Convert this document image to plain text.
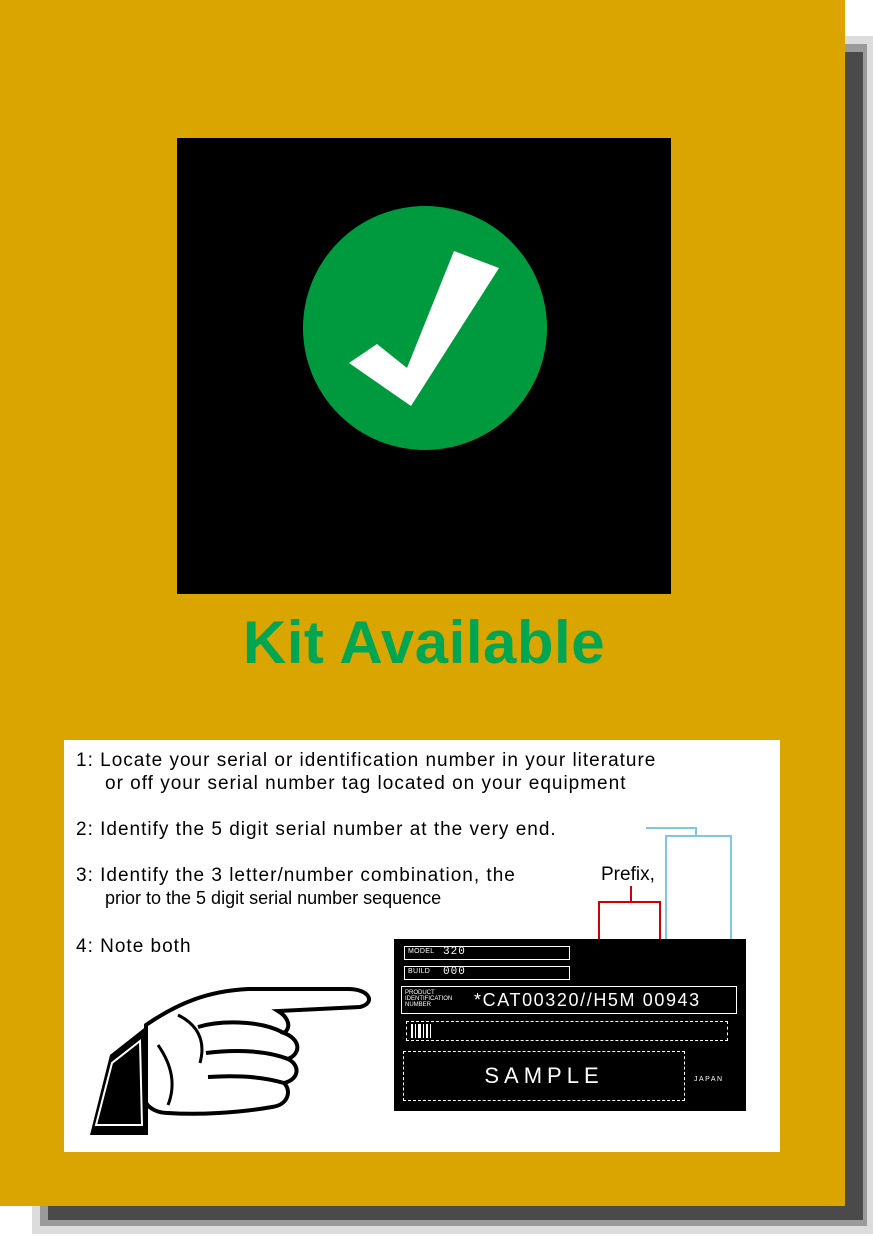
Kit Available
1: Locate your serial or identification number in your literature
or off your serial number tag located on your equipment
2: Identify the 5 digit serial number at the very end.
3: Identify the 3 letter/number combination, the	Prefix,
prior to the 5 digit serial number sequence
4: Note both	MODEL 320
BUILD 000
PRODUCT
IDENTIFICATION
NUMBER	*CAT00320//H5M 00943
SAMPLE	JAPAN
